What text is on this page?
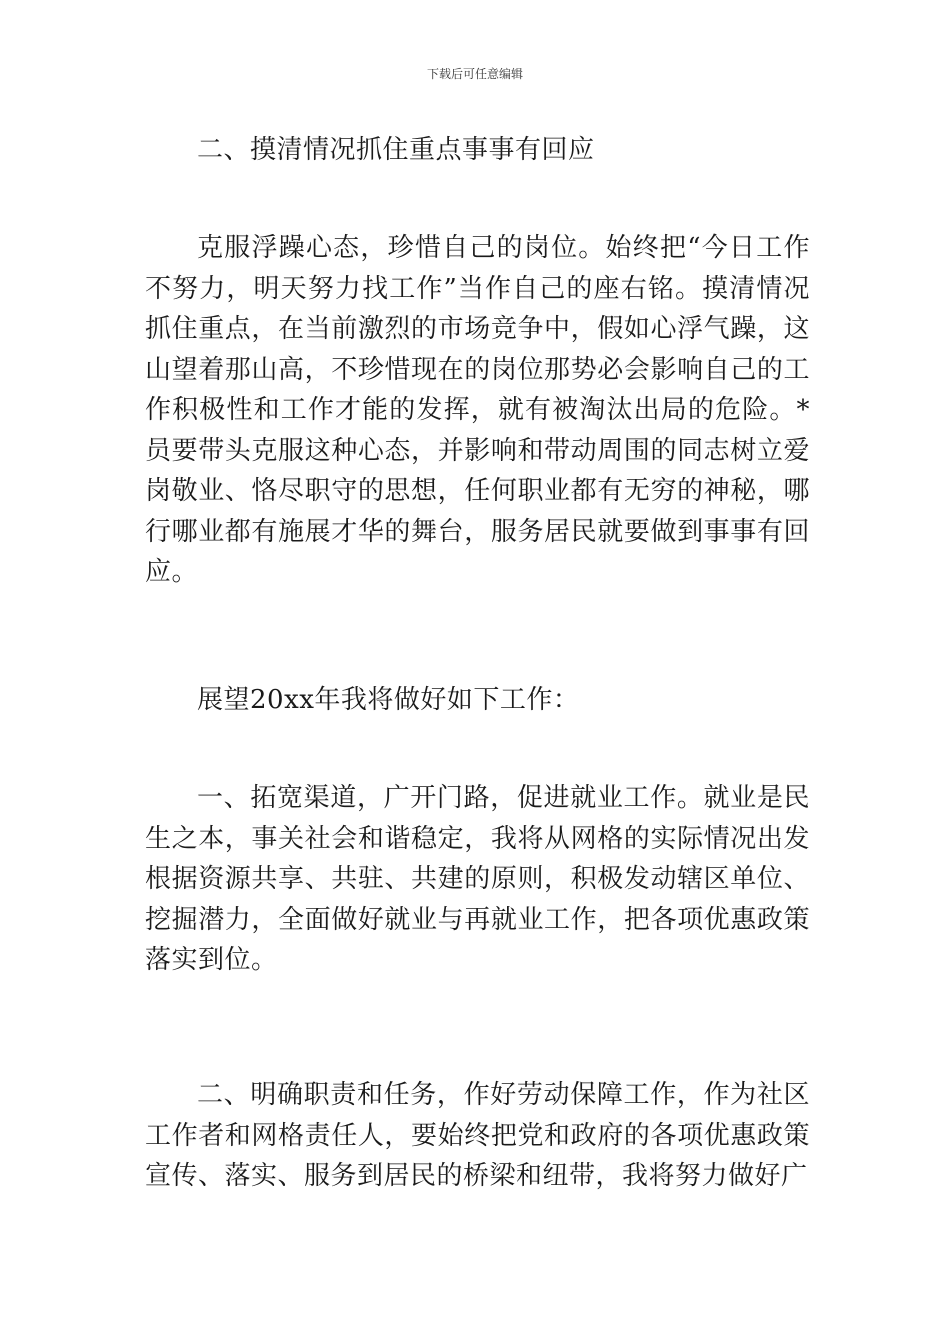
下载后可任意编辑

二、摸清情况抓住重点事事有回应

克服浮躁心态，珍惜自己的岗位。始终把“今日工作不努力，明天努力找工作”当作自己的座右铭。摸清情况抓住重点，在当前激烈的市场竞争中，假如心浮气躁，这山望着那山高，不珍惜现在的岗位那势必会影响自己的工作积极性和工作才能的发挥，就有被淘汰出局的危险。*员要带头克服这种心态，并影响和带动周围的同志树立爱岗敬业、恪尽职守的思想，任何职业都有无穷的神秘，哪行哪业都有施展才华的舞台，服务居民就要做到事事有回应。

展望20xx年我将做好如下工作：

一、拓宽渠道，广开门路，促进就业工作。就业是民生之本，事关社会和谐稳定，我将从网格的实际情况出发根据资源共享、共驻、共建的原则，积极发动辖区单位、挖掘潜力，全面做好就业与再就业工作，把各项优惠政策落实到位。

二、明确职责和任务，作好劳动保障工作，作为社区工作者和网格责任人，要始终把党和政府的各项优惠政策宣传、落实、服务到居民的桥梁和纽带，我将努力做好广
